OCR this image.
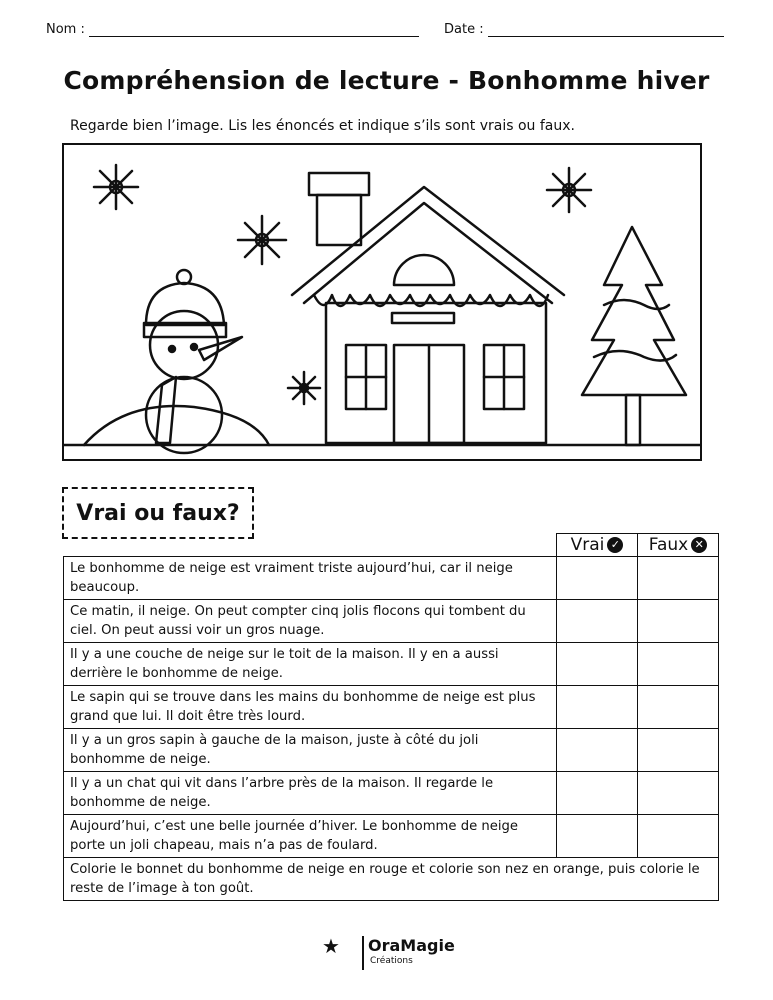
Nom :	Date :
Compréhension de lecture - Bonhomme hiver
Regarde bien l’image. Lis les énoncés et indique s’ils sont vrais ou faux.
Vrai ou faux?
	Vrai ✓	Faux ✕
Le bonhomme de neige est vraiment triste aujourd’hui, car il neige beaucoup.		
Ce matin, il neige. On peut compter cinq jolis flocons qui tombent du ciel. On peut aussi voir un gros nuage.		
Il y a une couche de neige sur le toit de la maison. Il y en a aussi derrière le bonhomme de neige.		
Le sapin qui se trouve dans les mains du bonhomme de neige est plus grand que lui. Il doit être très lourd.		
Il y a un gros sapin à gauche de la maison, juste à côté du joli bonhomme de neige.		
Il y a un chat qui vit dans l’arbre près de la maison. Il regarde le bonhomme de neige.		
Aujourd’hui, c’est une belle journée d’hiver. Le bonhomme de neige porte un joli chapeau, mais n’a pas de foulard.		
Colorie le bonnet du bonhomme de neige en rouge et colorie son nez en orange, puis colorie le reste de l’image à ton goût.		
★ OraMagie
Créations
